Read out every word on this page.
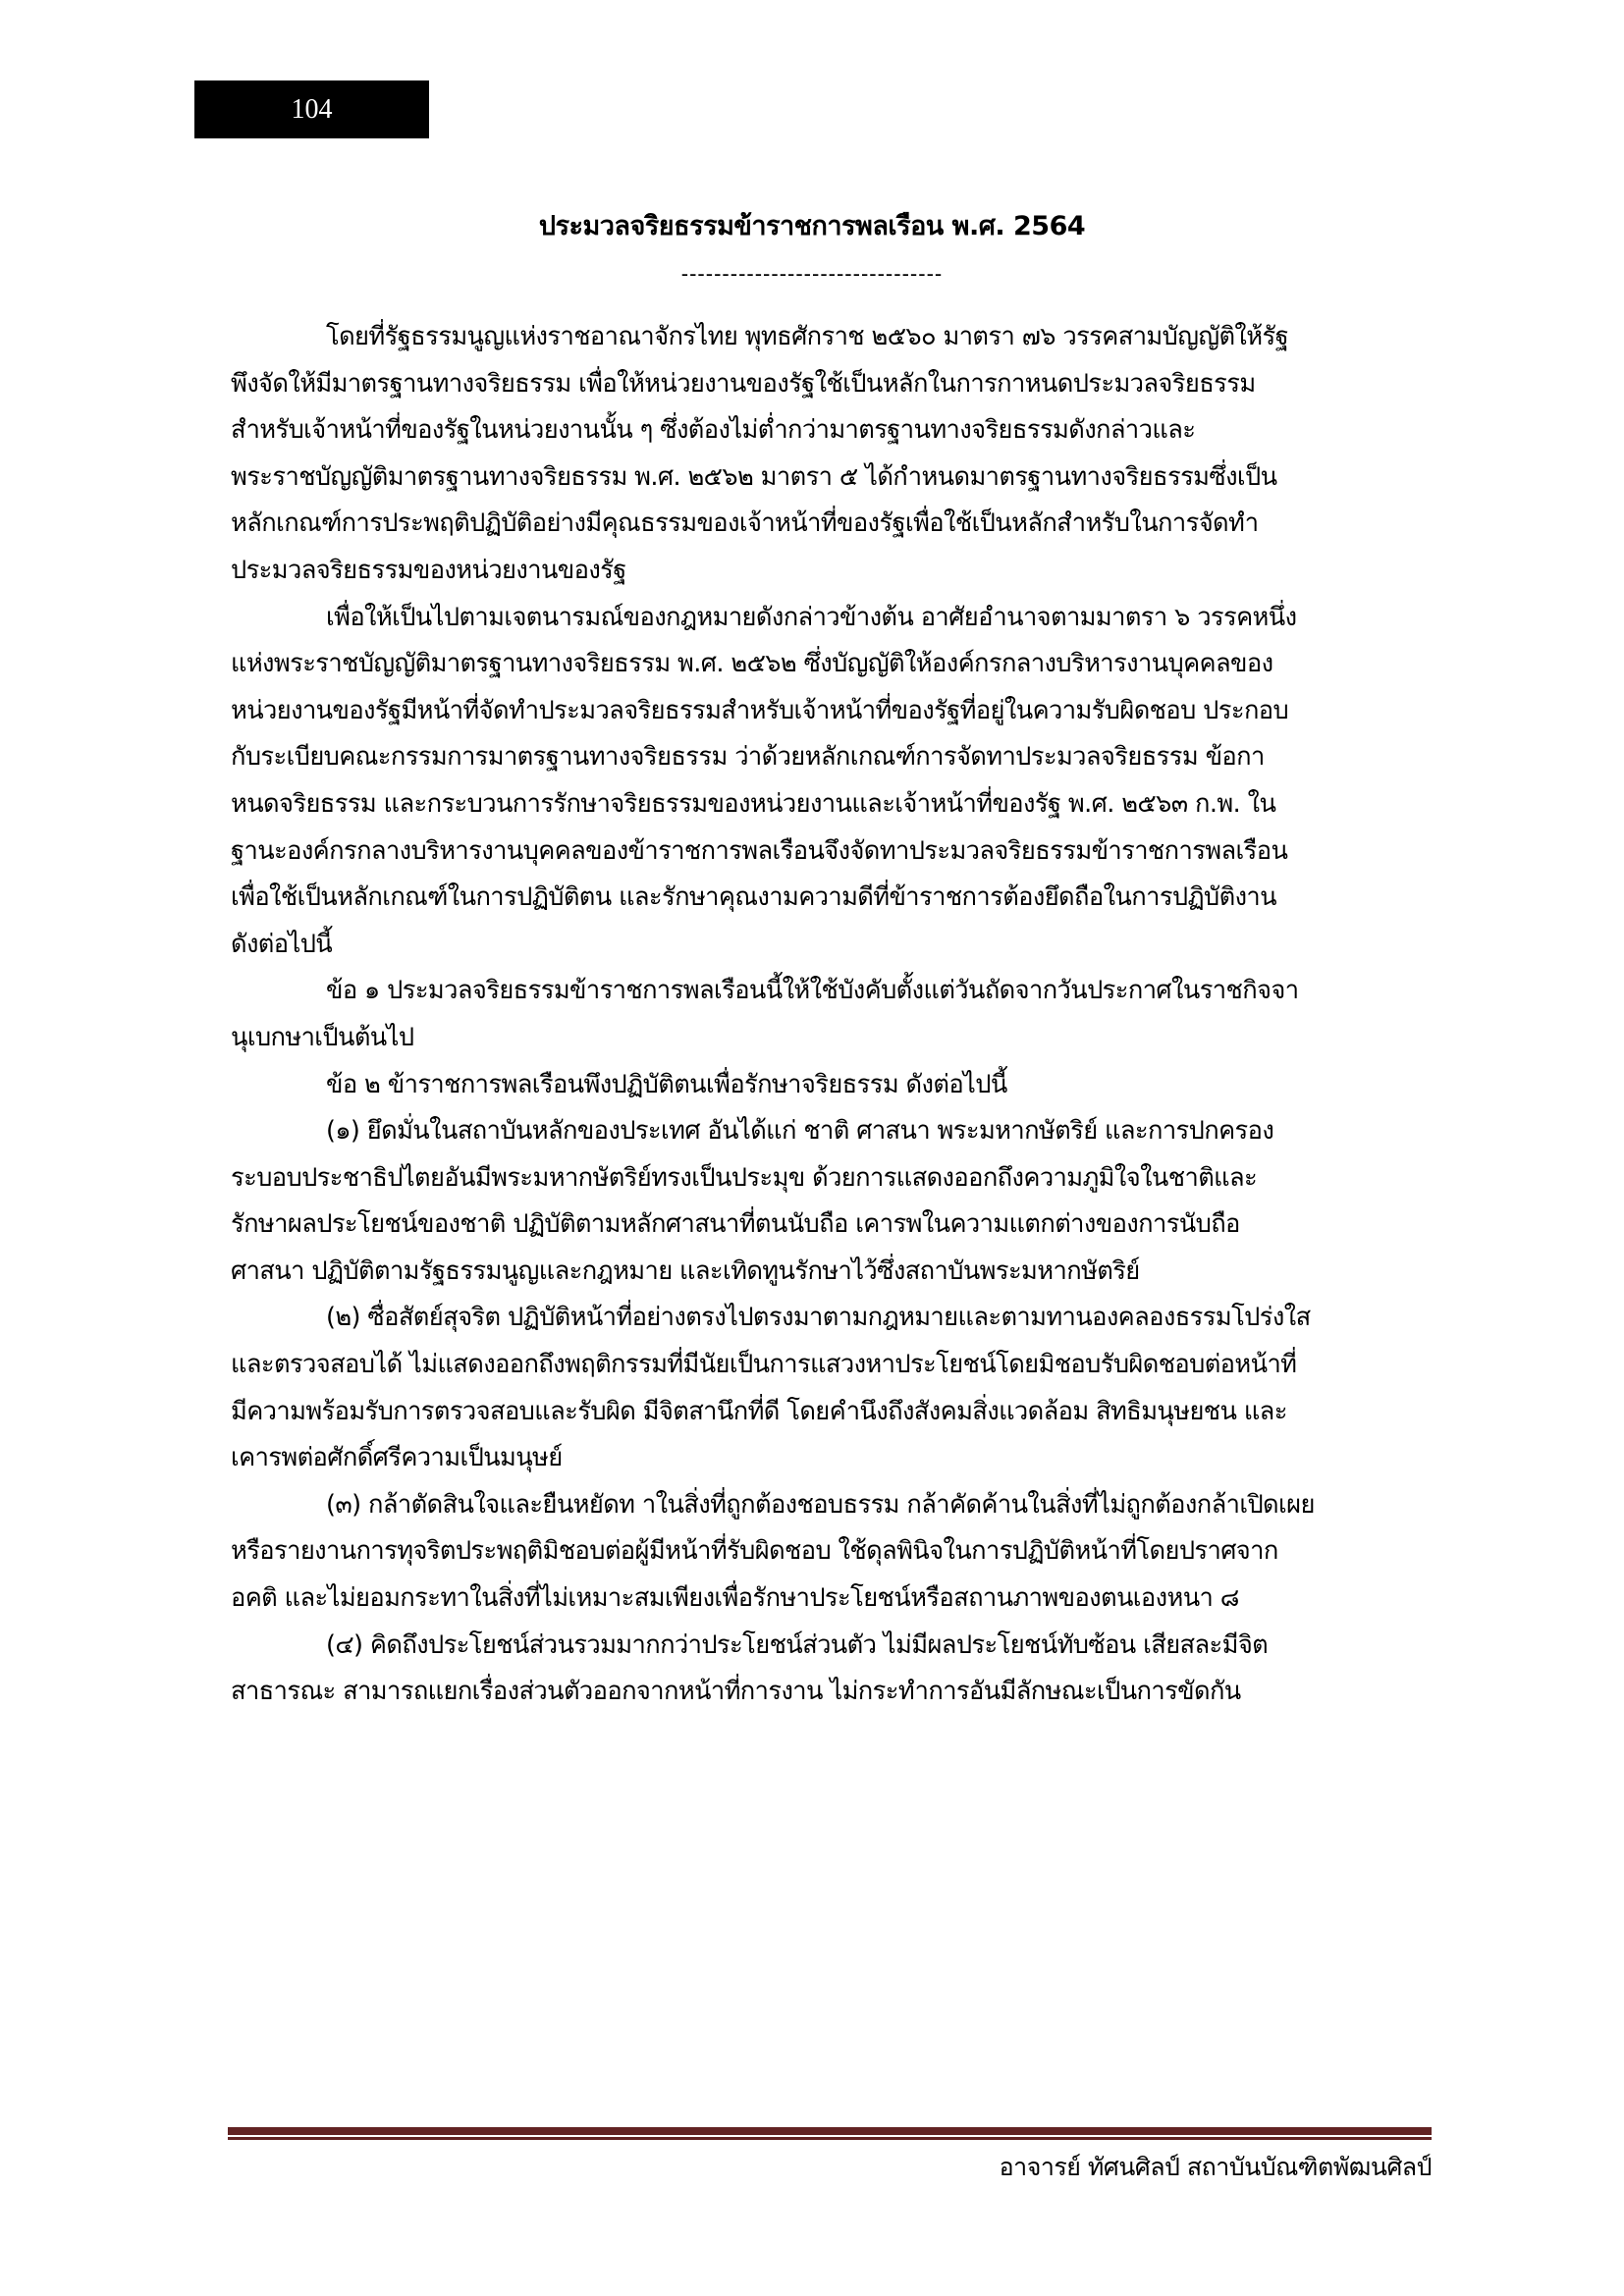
104
ประมวลจริยธรรมข้าราชการพลเรือน พ.ศ. 2564
--------------------------------
โดยที่รัฐธรรมนูญแห่งราชอาณาจักรไทย พุทธศักราช ๒๕๖๐ มาตรา ๗๖ วรรคสามบัญญัติให้รัฐ
พึงจัดให้มีมาตรฐานทางจริยธรรม เพื่อให้หน่วยงานของรัฐใช้เป็นหลักในการกาหนดประมวลจริยธรรม
สำหรับเจ้าหน้าที่ของรัฐในหน่วยงานนั้น ๆ ซึ่งต้องไม่ต่ำกว่ามาตรฐานทางจริยธรรมดังกล่าวและ
พระราชบัญญัติมาตรฐานทางจริยธรรม พ.ศ. ๒๕๖๒ มาตรา ๕ ได้กำหนดมาตรฐานทางจริยธรรมซึ่งเป็น
หลักเกณฑ์การประพฤติปฏิบัติอย่างมีคุณธรรมของเจ้าหน้าที่ของรัฐเพื่อใช้เป็นหลักสำหรับในการจัดทำ
ประมวลจริยธรรมของหน่วยงานของรัฐ
เพื่อให้เป็นไปตามเจตนารมณ์ของกฎหมายดังกล่าวข้างต้น อาศัยอำนาจตามมาตรา ๖ วรรคหนึ่ง
แห่งพระราชบัญญัติมาตรฐานทางจริยธรรม พ.ศ. ๒๕๖๒ ซึ่งบัญญัติให้องค์กรกลางบริหารงานบุคคลของ
หน่วยงานของรัฐมีหน้าที่จัดทำประมวลจริยธรรมสำหรับเจ้าหน้าที่ของรัฐที่อยู่ในความรับผิดชอบ ประกอบ
กับระเบียบคณะกรรมการมาตรฐานทางจริยธรรม ว่าด้วยหลักเกณฑ์การจัดทาประมวลจริยธรรม ข้อกา
หนดจริยธรรม และกระบวนการรักษาจริยธรรมของหน่วยงานและเจ้าหน้าที่ของรัฐ พ.ศ. ๒๕๖๓ ก.พ. ใน
ฐานะองค์กรกลางบริหารงานบุคคลของข้าราชการพลเรือนจึงจัดทาประมวลจริยธรรมข้าราชการพลเรือน
เพื่อใช้เป็นหลักเกณฑ์ในการปฏิบัติตน และรักษาคุณงามความดีที่ข้าราชการต้องยึดถือในการปฏิบัติงาน
ดังต่อไปนี้
ข้อ ๑ ประมวลจริยธรรมข้าราชการพลเรือนนี้ให้ใช้บังคับตั้งแต่วันถัดจากวันประกาศในราชกิจจา
นุเบกษาเป็นต้นไป
ข้อ ๒ ข้าราชการพลเรือนพึงปฏิบัติตนเพื่อรักษาจริยธรรม ดังต่อไปนี้
(๑) ยึดมั่นในสถาบันหลักของประเทศ อันได้แก่ ชาติ ศาสนา พระมหากษัตริย์ และการปกครอง
ระบอบประชาธิปไตยอันมีพระมหากษัตริย์ทรงเป็นประมุข ด้วยการแสดงออกถึงความภูมิใจในชาติและ
รักษาผลประโยชน์ของชาติ ปฏิบัติตามหลักศาสนาที่ตนนับถือ เคารพในความแตกต่างของการนับถือ
ศาสนา ปฏิบัติตามรัฐธรรมนูญและกฎหมาย และเทิดทูนรักษาไว้ซึ่งสถาบันพระมหากษัตริย์
(๒) ซื่อสัตย์สุจริต ปฏิบัติหน้าที่อย่างตรงไปตรงมาตามกฎหมายและตามทานองคลองธรรมโปร่งใส
และตรวจสอบได้ ไม่แสดงออกถึงพฤติกรรมที่มีนัยเป็นการแสวงหาประโยชน์โดยมิชอบรับผิดชอบต่อหน้าที่
มีความพร้อมรับการตรวจสอบและรับผิด มีจิตสานึกที่ดี โดยคำนึงถึงสังคมสิ่งแวดล้อม สิทธิมนุษยชน และ
เคารพต่อศักดิ์ศรีความเป็นมนุษย์
(๓) กล้าตัดสินใจและยืนหยัดท าในสิ่งที่ถูกต้องชอบธรรม กล้าคัดค้านในสิ่งที่ไม่ถูกต้องกล้าเปิดเผย
หรือรายงานการทุจริตประพฤติมิชอบต่อผู้มีหน้าที่รับผิดชอบ ใช้ดุลพินิจในการปฏิบัติหน้าที่โดยปราศจาก
อคติ และไม่ยอมกระทาในสิ่งที่ไม่เหมาะสมเพียงเพื่อรักษาประโยชน์หรือสถานภาพของตนเองหนา ๘
(๔) คิดถึงประโยชน์ส่วนรวมมากกว่าประโยชน์ส่วนตัว ไม่มีผลประโยชน์ทับซ้อน เสียสละมีจิต
สาธารณะ สามารถแยกเรื่องส่วนตัวออกจากหน้าที่การงาน ไม่กระทำการอันมีลักษณะเป็นการขัดกัน
อาจารย์ ทัศนศิลป์ สถาบันบัณฑิตพัฒนศิลป์
